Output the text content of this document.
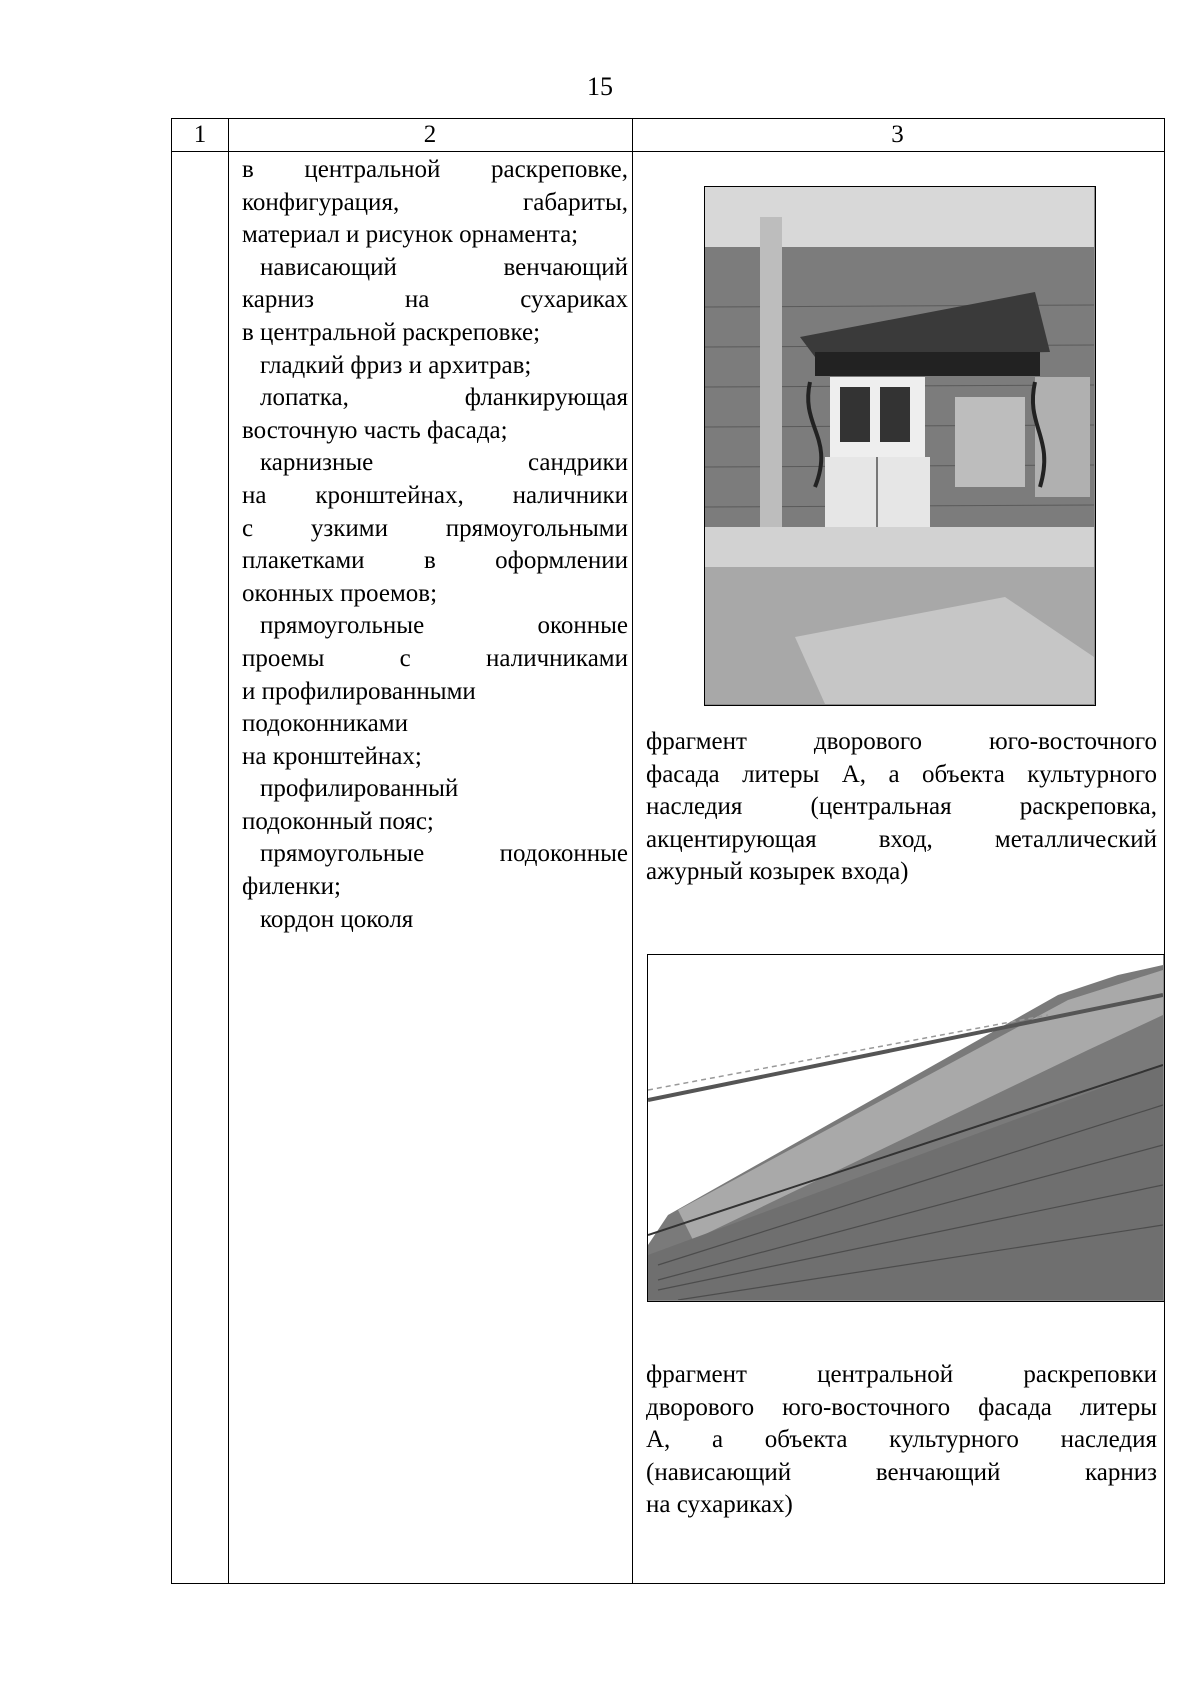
15
1	2	3
в центральной раскреповке,
конфигурация, габариты,
материал и рисунок орнамента;
нависающий венчающий
карниз на сухариках
в центральной раскреповке;
гладкий фриз и архитрав;
лопатка, фланкирующая
восточную часть фасада;
карнизные сандрики
на кронштейнах, наличники
с узкими прямоугольными
плакетками в оформлении
оконных проемов;
прямоугольные оконные
проемы с наличниками
и профилированными
подоконниками
на кронштейнах;
профилированный
подоконный пояс;
прямоугольные подоконные
филенки;
кордон цоколя
фрагмент дворового юго-восточного
фасада литеры А, а объекта культурного
наследия (центральная раскреповка,
акцентирующая вход, металлический
ажурный козырек входа)
фрагмент центральной раскреповки
дворового юго-восточного фасада литеры
А, а объекта культурного наследия
(нависающий венчающий карниз
на сухариках)
